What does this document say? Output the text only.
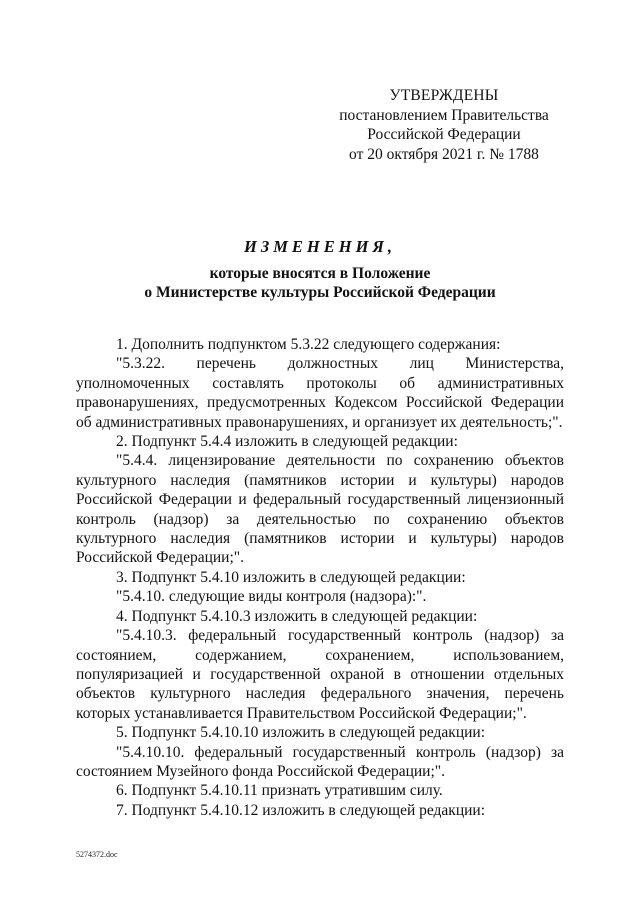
УТВЕРЖДЕНЫ
постановлением Правительства
Российской Федерации
от 20 октября 2021 г. № 1788
ИЗМЕНЕНИЯ,
которые вносятся в Положение
о Министерстве культуры Российской Федерации

1. Дополнить подпунктом 5.3.22 следующего содержания:

"5.3.22. перечень должностных лиц Министерства, уполномоченных составлять протоколы об административных правонарушениях, предусмотренных Кодексом Российской Федерации об административных правонарушениях, и организует их деятельность;".

2. Подпункт 5.4.4 изложить в следующей редакции:

"5.4.4. лицензирование деятельности по сохранению объектов культурного наследия (памятников истории и культуры) народов Российской Федерации и федеральный государственный лицензионный контроль (надзор) за деятельностью по сохранению объектов культурного наследия (памятников истории и культуры) народов Российской Федерации;".

3. Подпункт 5.4.10 изложить в следующей редакции:

"5.4.10. следующие виды контроля (надзора):".

4. Подпункт 5.4.10.3 изложить в следующей редакции:

"5.4.10.3. федеральный государственный контроль (надзор) за состоянием, содержанием, сохранением, использованием, популяризацией и государственной охраной в отношении отдельных объектов культурного наследия федерального значения, перечень которых устанавливается Правительством Российской Федерации;".

5. Подпункт 5.4.10.10 изложить в следующей редакции:

"5.4.10.10. федеральный государственный контроль (надзор) за состоянием Музейного фонда Российской Федерации;".

6. Подпункт 5.4.10.11 признать утратившим силу.

7. Подпункт 5.4.10.12 изложить в следующей редакции:

5274372.doc
